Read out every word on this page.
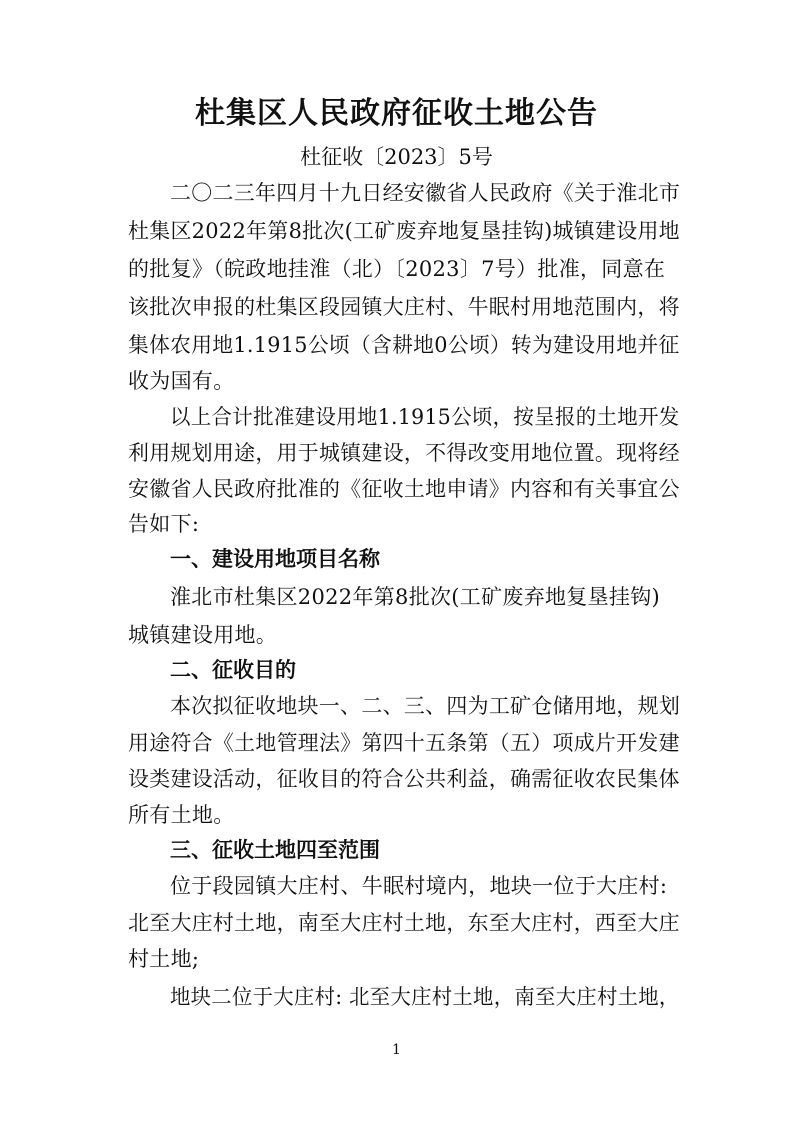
杜集区人民政府征收土地公告
杜征收〔2023〕5号
二〇二三年四月十九日经安徽省人民政府《关于淮北市
杜集区2022年第8批次(工矿废弃地复垦挂钩)城镇建设用地
的批复》（皖政地挂淮（北）〔2023〕7号）批准，同意在
该批次申报的杜集区段园镇大庄村、牛眠村用地范围内，将
集体农用地1.1915公顷（含耕地0公顷）转为建设用地并征
收为国有。
以上合计批准建设用地1.1915公顷，按呈报的土地开发
利用规划用途，用于城镇建设，不得改变用地位置。现将经
安徽省人民政府批准的《征收土地申请》内容和有关事宜公
告如下:
一、建设用地项目名称
淮北市杜集区2022年第8批次(工矿废弃地复垦挂钩)
城镇建设用地。
二、征收目的
本次拟征收地块一、二、三、四为工矿仓储用地，规划
用途符合《土地管理法》第四十五条第（五）项成片开发建
设类建设活动，征收目的符合公共利益，确需征收农民集体
所有土地。
三、征收土地四至范围
位于段园镇大庄村、牛眠村境内，地块一位于大庄村:
北至大庄村土地，南至大庄村土地，东至大庄村，西至大庄
村土地;
地块二位于大庄村: 北至大庄村土地，南至大庄村土地，
1
